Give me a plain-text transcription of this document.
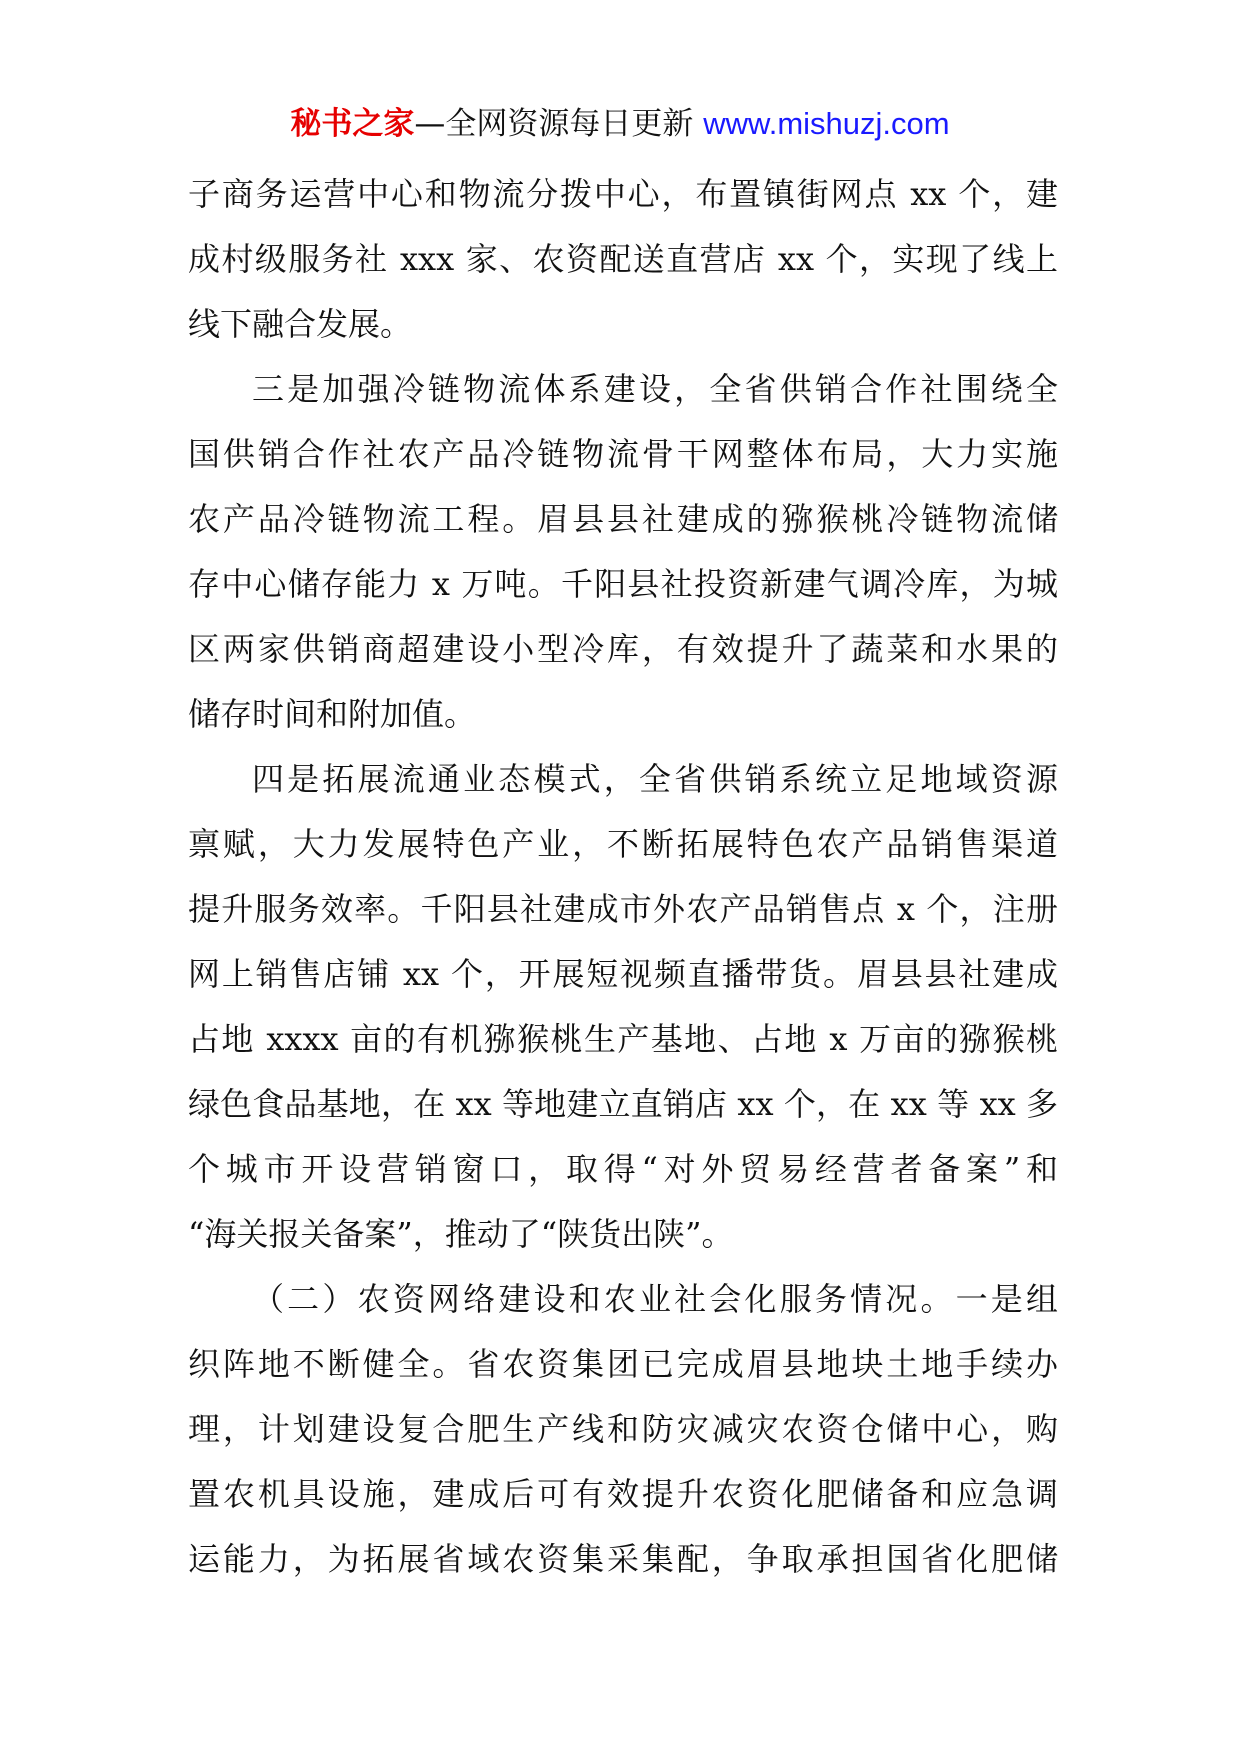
秘书之家—全网资源每日更新 www.mishuzj.com
子商务运营中心和物流分拨中心，布置镇街网点 xx 个，建
成村级服务社 xxx 家、农资配送直营店 xx 个，实现了线上
线下融合发展。
三是加强冷链物流体系建设，全省供销合作社围绕全
国供销合作社农产品冷链物流骨干网整体布局，大力实施
农产品冷链物流工程。眉县县社建成的猕猴桃冷链物流储
存中心储存能力 x 万吨。千阳县社投资新建气调冷库，为城
区两家供销商超建设小型冷库，有效提升了蔬菜和水果的
储存时间和附加值。
四是拓展流通业态模式，全省供销系统立足地域资源
禀赋，大力发展特色产业，不断拓展特色农产品销售渠道
提升服务效率。千阳县社建成市外农产品销售点 x 个，注册
网上销售店铺 xx 个，开展短视频直播带货。眉县县社建成
占地 xxxx 亩的有机猕猴桃生产基地、占地 x 万亩的猕猴桃
绿色食品基地，在 xx 等地建立直销店 xx 个，在 xx 等 xx 多
个城市开设营销窗口，取得“对外贸易经营者备案”和
“海关报关备案”，推动了“陕货出陕”。
（二）农资网络建设和农业社会化服务情况。一是组
织阵地不断健全。省农资集团已完成眉县地块土地手续办
理，计划建设复合肥生产线和防灾减灾农资仓储中心，购
置农机具设施，建成后可有效提升农资化肥储备和应急调
运能力，为拓展省域农资集采集配，争取承担国省化肥储
